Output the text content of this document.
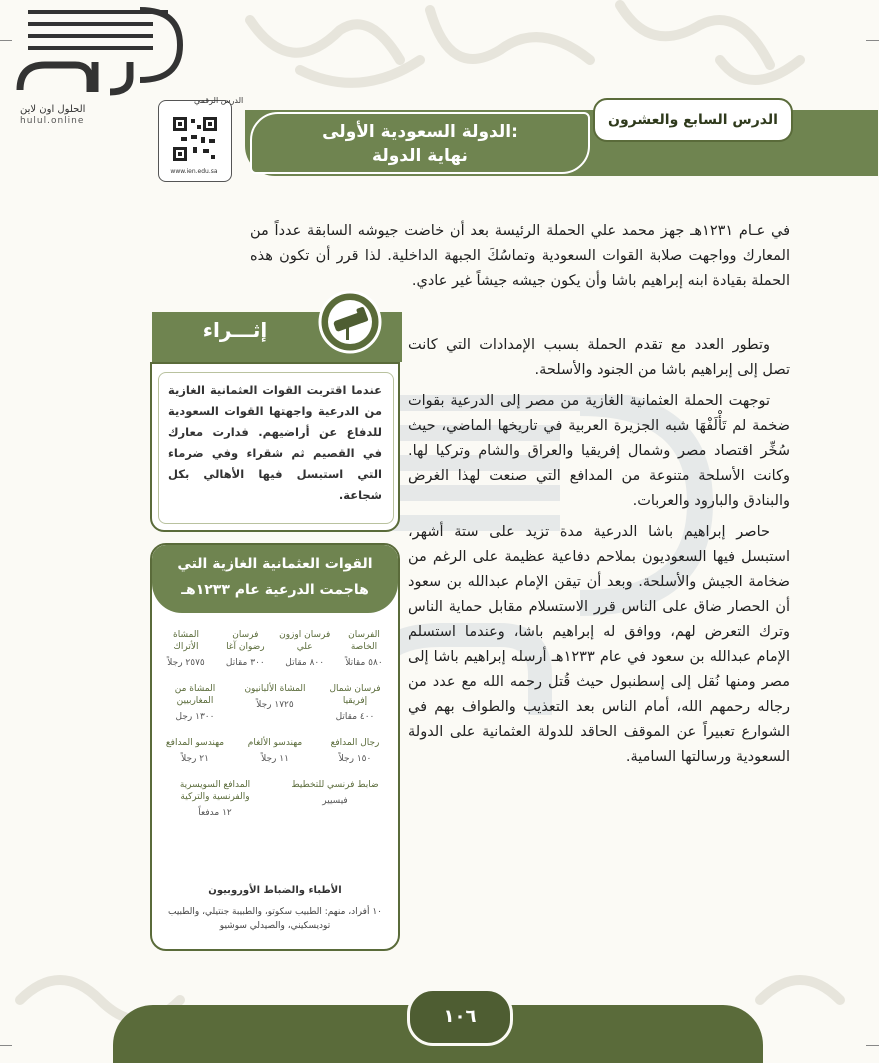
الحلول اون لاين
hulul.online
الدرس الرقمي
www.ien.edu.sa
الدولة السعودية الأولى:
نهاية الدولة
الدرس السابع والعشرون
في عـام ١٢٣١هـ جهز محمد علي الحملة الرئيسة بعد أن خاضت جيوشه السابقة عدداً من المعارك وواجهت صلابة القوات السعودية وتماسُكَ الجبهة الداخلية. لذا قرر أن تكون هذه الحملة بقيادة ابنه إبراهيم باشا وأن يكون جيشه جيشاً غير عادي.

وتطور العدد مع تقدم الحملة بسبب الإمدادات التي كانت تصل إلى إبراهيم باشا من الجنود والأسلحة.

توجهت الحملة العثمانية الغازية من مصر إلى الدرعية بقوات ضخمة لم تَأْلَفْهَا شبه الجزيرة العربية في تاريخها الماضي، حيث سُخِّر اقتصاد مصر وشمال إفريقيا والعراق والشام وتركيا لها. وكانت الأسلحة متنوعة من المدافع التي صنعت لهذا الغرض والبنادق والبارود والعربات.

حاصر إبراهيم باشا الدرعية مدة تزيد على ستة أشهر، استبسل فيها السعوديون بملاحم دفاعية عظيمة على الرغم من ضخامة الجيش والأسلحة. وبعد أن تيقن الإمام عبدالله بن سعود أن الحصار ضاق على الناس قرر الاستسلام مقابل حماية الناس وترك التعرض لهم، ووافق له إبراهيم باشا، وعندما استسلم الإمام عبدالله بن سعود في عام ١٢٣٣هـ أرسله إبراهيم باشا إلى مصر ومنها نُقل إلى إسطنبول حيث قُتل رحمه الله مع عدد من رجاله رحمهم الله، أمام الناس بعد التعذيب والطواف بهم في الشوارع تعبيراً عن الموقف الحاقد للدولة العثمانية على الدولة السعودية ورسالتها السامية.

إثـــراء
عندما اقتربت القوات العثمانية الغازية من الدرعية واجهتها القوات السعودية للدفاع عن أراضيهم. فدارت معارك في القصيم ثم شقراء وفي ضرماء التي استبسل فيها الأهالي بكل شجاعة.
القوات العثمانية الغازية التي هاجمت الدرعية عام ١٢٣٣هـ
الفرسان الخاصة
٥٨٠ مقاتلاً
فرسان اوزون علي
٨٠٠ مقاتل
فرسان رضوان آغا
٣٠٠ مقاتل
المشاة الأتراك
٢٥٧٥ رجلاً
فرسان شمال إفريقيا
٤٠٠ مقاتل
المشاة الألبانيون
١٧٢٥ رجلاً
المشاة من المغاربيين
١٣٠٠ رجل
رجال المدافع
١٥٠ رجلاً
مهندسو الألغام
١١ رجلاً
مهندسو المدافع
٢١ رجلاً
ضابط فرنسي للتخطيط
فيسيير
المدافع السويسرية والفرنسية والتركية
١٢ مدفعاً
الأطباء والضباط الأوروبيون
١٠ أفراد، منهم: الطبيب سكوتو، والطبيبة جنتيلي، والطبيب توديسكيني، والصيدلي سوشيو
١٠٦
